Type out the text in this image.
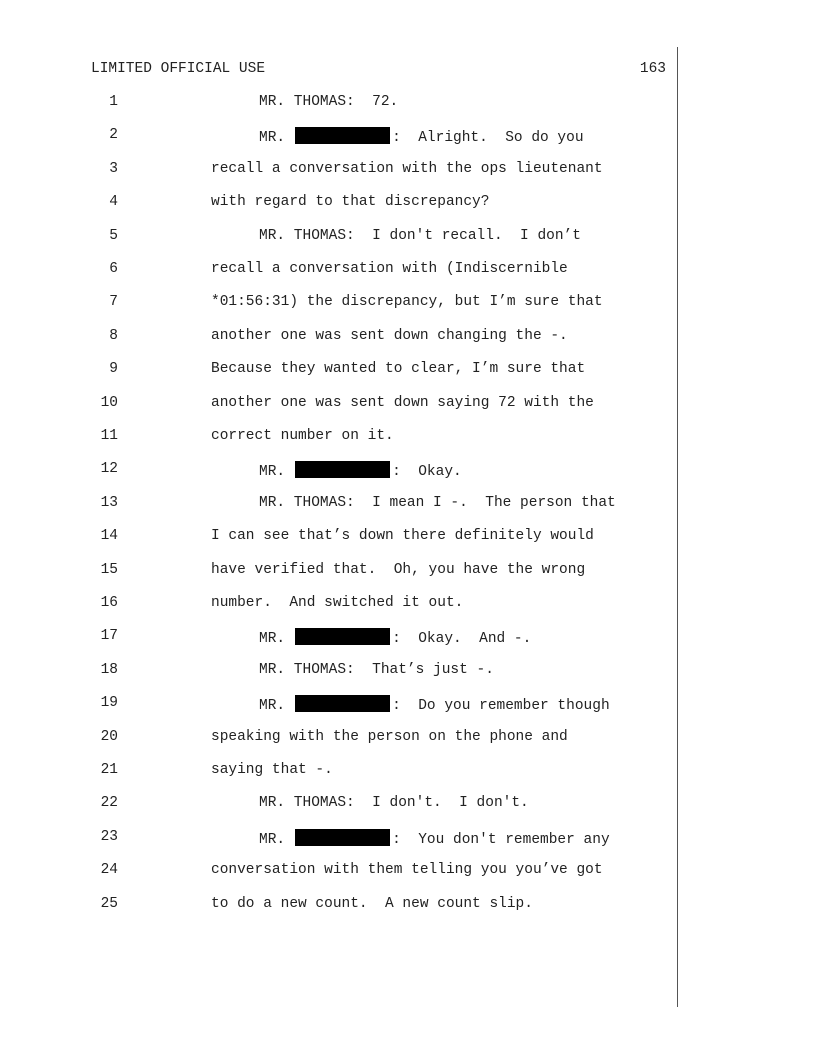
LIMITED OFFICIAL USE	163
1	MR. THOMAS:  72.
2	MR.	:  Alright.  So do you
3	recall a conversation with the ops lieutenant
4	with regard to that discrepancy?
5	MR. THOMAS:  I don't recall.  I don’t
6	recall a conversation with (Indiscernible
7	*01:56:31) the discrepancy, but I’m sure that
8	another one was sent down changing the -.
9	Because they wanted to clear, I’m sure that
10	another one was sent down saying 72 with the
11	correct number on it.
12	MR.	:  Okay.
13	MR. THOMAS:  I mean I -.  The person that
14	I can see that’s down there definitely would
15	have verified that.  Oh, you have the wrong
16	number.  And switched it out.
17	MR.	:  Okay.  And -.
18	MR. THOMAS:  That’s just -.
19	MR.	:  Do you remember though
20	speaking with the person on the phone and
21	saying that -.
22	MR. THOMAS:  I don't.  I don't.
23	MR.	:  You don't remember any
24	conversation with them telling you you’ve got
25	to do a new count.  A new count slip.
